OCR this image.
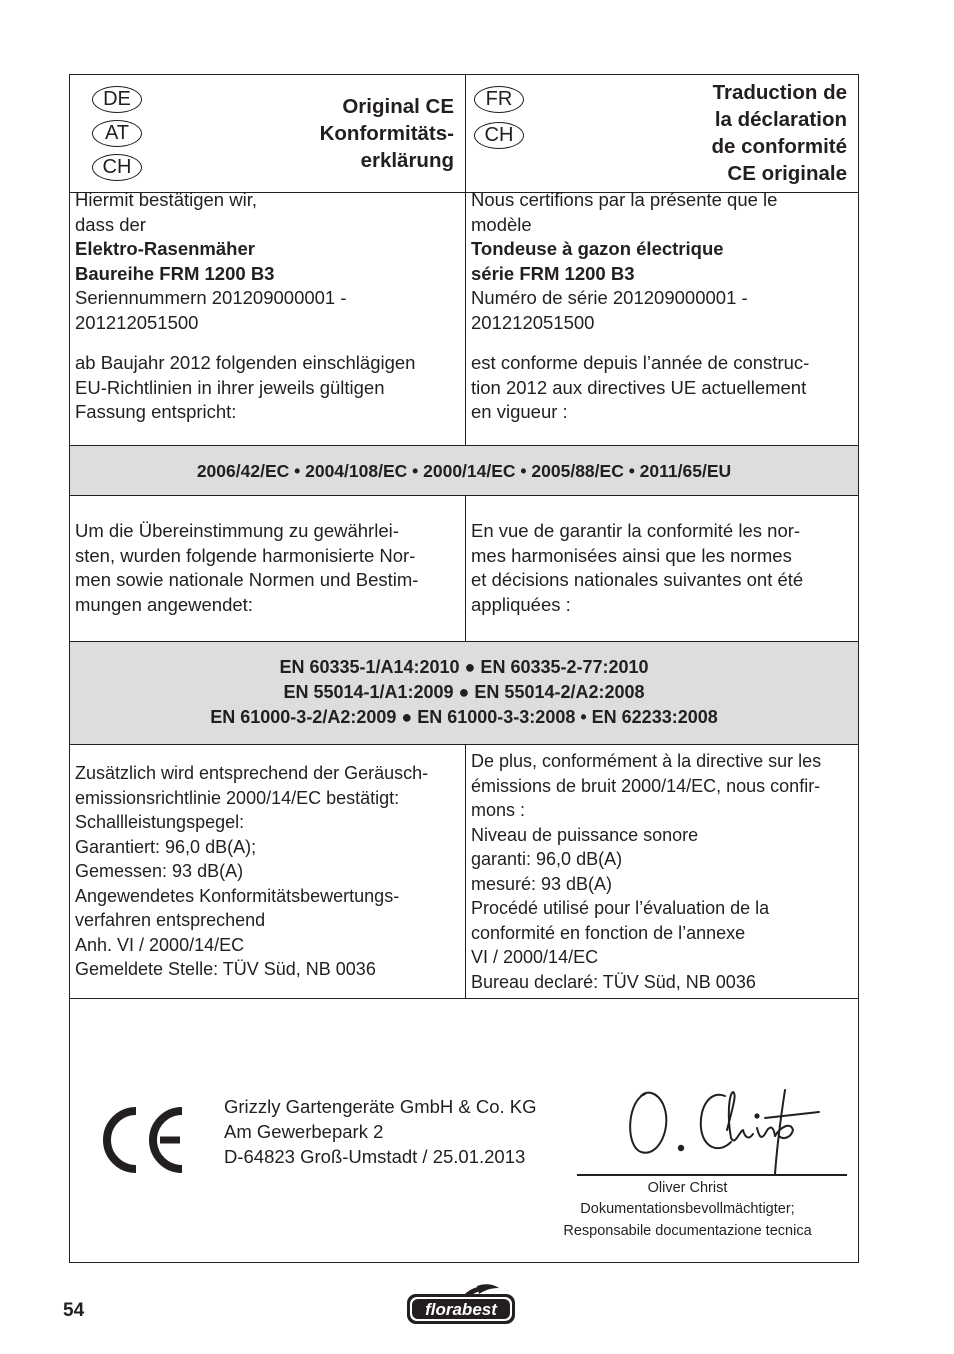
DE
AT
CH
Original CE
Konformitäts-
erklärung
FR
CH
Traduction de
la déclaration
de conformité
CE originale
Hiermit bestätigen wir,
dass der
Elektro-Rasenmäher
Baureihe FRM 1200 B3
Seriennummern 201209000001 -
201212051500
ab Baujahr 2012 folgenden einschlägigen
EU-Richtlinien in ihrer jeweils gültigen
Fassung entspricht:
Nous certifions par la présente que le
modèle
Tondeuse à gazon électrique
série FRM 1200 B3
Numéro de série 201209000001 -
201212051500
est conforme depuis l’année de construc-
tion 2012 aux directives UE actuellement
en vigueur :
2006/42/EC • 2004/108/EC • 2000/14/EC • 2005/88/EC • 2011/65/EU
Um die Übereinstimmung zu gewährlei-
sten, wurden folgende harmonisierte Nor-
men sowie nationale Normen und Bestim-
mungen angewendet:
En vue de garantir la conformité les nor-
mes harmonisées ainsi que les normes
et décisions nationales suivantes ont été
appliquées :
EN 60335-1/A14:2010 ● EN 60335-2-77:2010
EN 55014-1/A1:2009 ● EN 55014-2/A2:2008
EN 61000-3-2/A2:2009 ● EN 61000-3-3:2008 • EN 62233:2008
Zusätzlich wird entsprechend der Geräusch-
emissionsrichtlinie 2000/14/EC bestätigt:
Schallleistungspegel:
Garantiert: 96,0 dB(A);
Gemessen: 93 dB(A)
Angewendetes Konformitätsbewertungs-
verfahren entsprechend
Anh. VI / 2000/14/EC
Gemeldete Stelle: TÜV Süd, NB 0036
De plus, conformément à la directive sur les
émissions de bruit 2000/14/EC, nous confir-
mons :
Niveau de puissance sonore
garanti: 96,0 dB(A)
mesuré: 93 dB(A)
Procédé utilisé pour l’évaluation de la
conformité en fonction de l’annexe
VI / 2000/14/EC
Bureau declaré: TÜV Süd, NB 0036
Grizzly Gartengeräte GmbH & Co. KG
Am Gewerbepark 2
D-64823 Groß-Umstadt / 25.01.2013
Oliver Christ
Dokumentationsbevollmächtigter;
Responsabile documentazione tecnica
54	florabest
